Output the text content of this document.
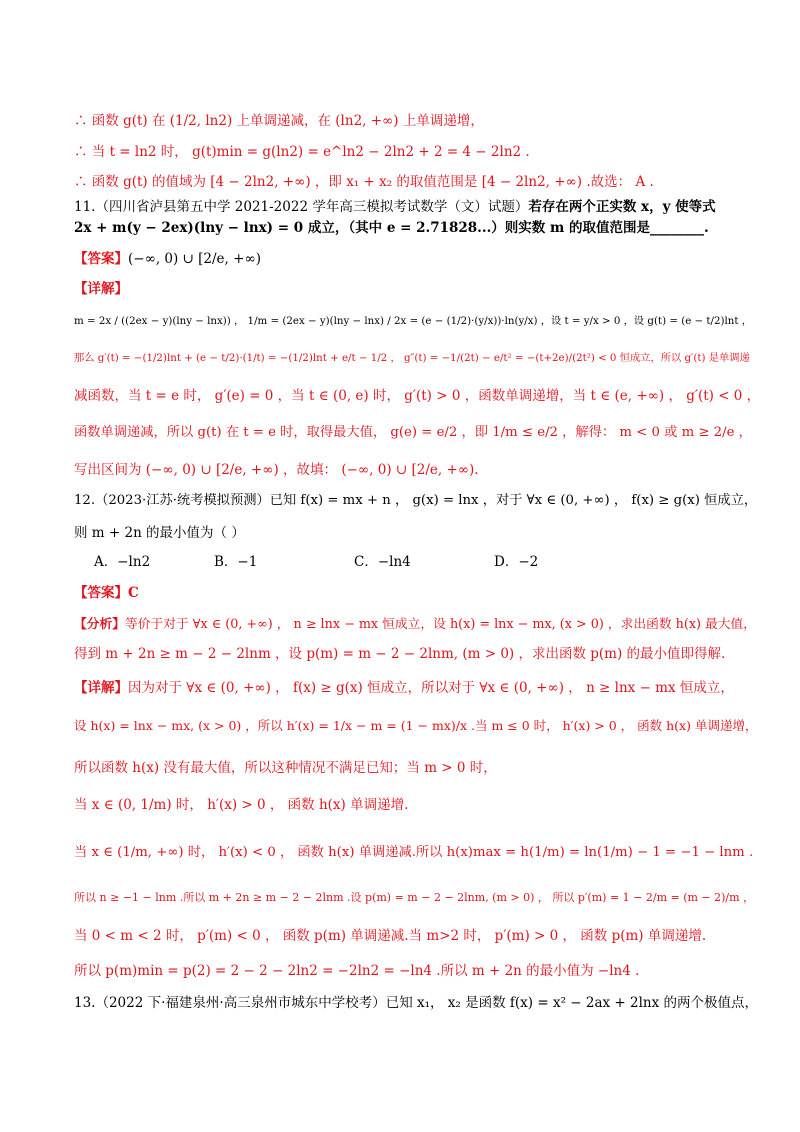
∴ 函数 g(t) 在 (1/2, ln2) 上单调递减，在 (ln2, +∞) 上单调递增，
∴ 当 t = ln2 时， g(t)min = g(ln2) = e^ln2 − 2ln2 + 2 = 4 − 2ln2 .
∴ 函数 g(t) 的值域为 [4 − 2ln2, +∞) ，即 x₁ + x₂ 的取值范围是 [4 − 2ln2, +∞) .故选： A .
11.（四川省泸县第五中学 2021-2022 学年高三模拟考试数学（文）试题）若存在两个正实数 x，y 使等式
2x + m(y − 2ex)(lny − lnx) = 0 成立，（其中 e = 2.71828...）则实数 m 的取值范围是________.
【答案】(−∞, 0) ∪ [2/e, +∞)
【详解】
m = 2x / ((2ex − y)(lny − lnx)) ， 1/m = (2ex − y)(lny − lnx) / 2x = (e − (1/2)·(y/x))·ln(y/x) ，设 t = y/x > 0 ，设 g(t) = (e − t/2)lnt ，
那么 g′(t) = −(1/2)lnt + (e − t/2)·(1/t) = −(1/2)lnt + e/t − 1/2 ， g″(t) = −1/(2t) − e/t² = −(t+2e)/(2t²) < 0 恒成立，所以 g′(t) 是单调递
减函数，当 t = e 时， g′(e) = 0 ，当 t ∈ (0, e) 时， g′(t) > 0 ，函数单调递增，当 t ∈ (e, +∞) ， g′(t) < 0 ，
函数单调递减，所以 g(t) 在 t = e 时，取得最大值， g(e) = e/2 ，即 1/m ≤ e/2 ，解得： m < 0 或 m ≥ 2/e ，
写出区间为 (−∞, 0) ∪ [2/e, +∞) ，故填： (−∞, 0) ∪ [2/e, +∞).
12.（2023·江苏·统考模拟预测）已知 f(x) = mx + n ， g(x) = lnx ，对于 ∀x ∈ (0, +∞) ， f(x) ≥ g(x) 恒成立，
则 m + 2n 的最小值为（ ）
A．−ln2	B．−1	C．−ln4	D．−2
【答案】C
【分析】等价于对于 ∀x ∈ (0, +∞) ， n ≥ lnx − mx 恒成立，设 h(x) = lnx − mx, (x > 0) ，求出函数 h(x) 最大值，
得到 m + 2n ≥ m − 2 − 2lnm ，设 p(m) = m − 2 − 2lnm, (m > 0) ，求出函数 p(m) 的最小值即得解.
【详解】因为对于 ∀x ∈ (0, +∞) ， f(x) ≥ g(x) 恒成立，所以对于 ∀x ∈ (0, +∞) ， n ≥ lnx − mx 恒成立，
设 h(x) = lnx − mx, (x > 0) ，所以 h′(x) = 1/x − m = (1 − mx)/x .当 m ≤ 0 时， h′(x) > 0 ， 函数 h(x) 单调递增，
所以函数 h(x) 没有最大值，所以这种情况不满足已知；当 m > 0 时，
当 x ∈ (0, 1/m) 时， h′(x) > 0 ， 函数 h(x) 单调递增.
当 x ∈ (1/m, +∞) 时， h′(x) < 0 ， 函数 h(x) 单调递减.所以 h(x)max = h(1/m) = ln(1/m) − 1 = −1 − lnm .
所以 n ≥ −1 − lnm .所以 m + 2n ≥ m − 2 − 2lnm .设 p(m) = m − 2 − 2lnm, (m > 0) ， 所以 p′(m) = 1 − 2/m = (m − 2)/m ，
当 0 < m < 2 时， p′(m) < 0 ， 函数 p(m) 单调递减.当 m>2 时， p′(m) > 0 ， 函数 p(m) 单调递增.
所以 p(m)min = p(2) = 2 − 2 − 2ln2 = −2ln2 = −ln4 .所以 m + 2n 的最小值为 −ln4 .
13.（2022 下·福建泉州·高三泉州市城东中学校考）已知 x₁， x₂ 是函数 f(x) = x² − 2ax + 2lnx 的两个极值点，
